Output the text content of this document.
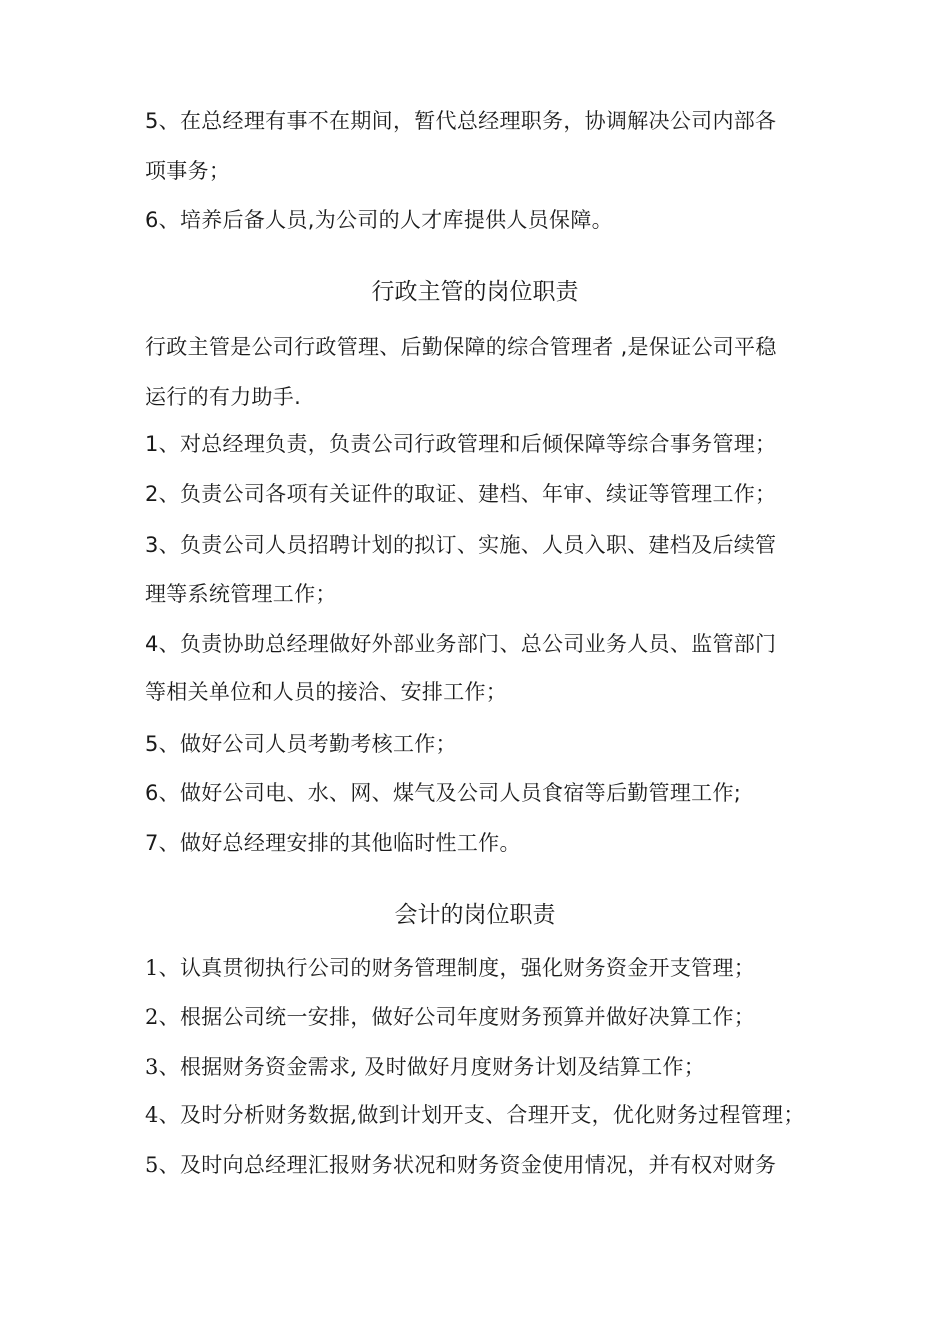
5、在总经理有事不在期间，暂代总经理职务，协调解决公司内部各
项事务；
6、培养后备人员,为公司的人才库提供人员保障。
行政主管的岗位职责
行政主管是公司行政管理、后勤保障的综合管理者 ,是保证公司平稳
运行的有力助手.
1、对总经理负责，负责公司行政管理和后倾保障等综合事务管理；
2、负责公司各项有关证件的取证、建档、年审、续证等管理工作；
3、负责公司人员招聘计划的拟订、实施、人员入职、建档及后续管
理等系统管理工作；
4、负责协助总经理做好外部业务部门、总公司业务人员、监管部门
等相关单位和人员的接洽、安排工作；
5、做好公司人员考勤考核工作；
6、做好公司电、水、网、煤气及公司人员食宿等后勤管理工作;
7、做好总经理安排的其他临时性工作。
会计的岗位职责
1、认真贯彻执行公司的财务管理制度，强化财务资金开支管理；
2、根据公司统一安排，做好公司年度财务预算并做好决算工作；
3、根据财务资金需求, 及时做好月度财务计划及结算工作；
4、及时分析财务数据,做到计划开支、合理开支，优化财务过程管理；
5、及时向总经理汇报财务状况和财务资金使用情况，并有权对财务
